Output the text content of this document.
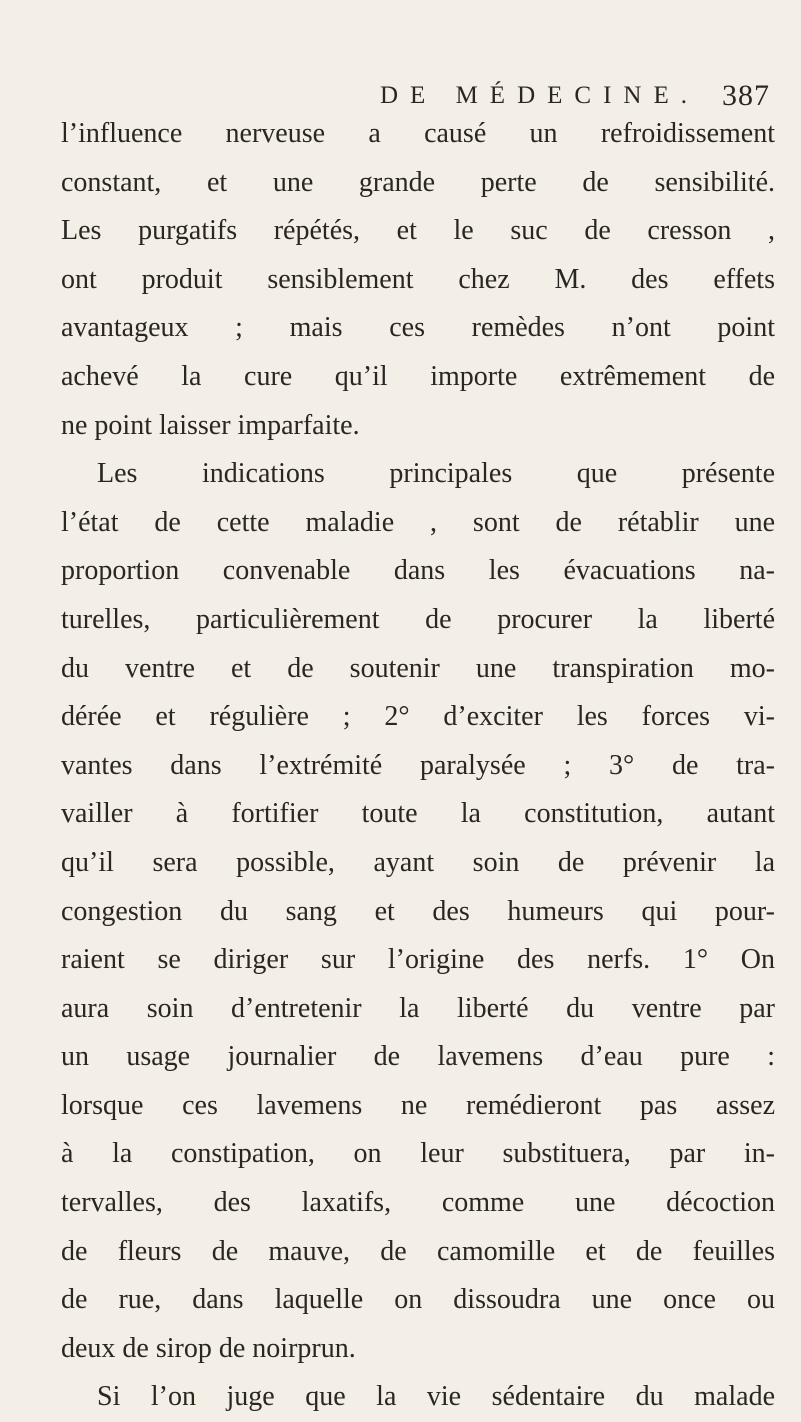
DE MÉDECINE. 387
l’influence nerveuse a causé un refroidissement
constant, et une grande perte de sensibilité.
Les purgatifs répétés, et le suc de cresson ,
ont produit sensiblement chez M. des effets
avantageux ; mais ces remèdes n’ont point
achevé la cure qu’il importe extrêmement de
ne point laisser imparfaite.
Les indications principales que présente
l’état de cette maladie , sont de rétablir une
proportion convenable dans les évacuations na-
turelles, particulièrement de procurer la liberté
du ventre et de soutenir une transpiration mo-
dérée et régulière ; 2° d’exciter les forces vi-
vantes dans l’extrémité paralysée ; 3° de tra-
vailler à fortifier toute la constitution, autant
qu’il sera possible, ayant soin de prévenir la
congestion du sang et des humeurs qui pour-
raient se diriger sur l’origine des nerfs. 1° On
aura soin d’entretenir la liberté du ventre par
un usage journalier de lavemens d’eau pure :
lorsque ces lavemens ne remédieront pas assez
à la constipation, on leur substituera, par in-
tervalles, des laxatifs, comme une décoction
de fleurs de mauve, de camomille et de feuilles
de rue, dans laquelle on dissoudra une once ou
deux de sirop de noirprun.
Si l’on juge que la vie sédentaire du malade
